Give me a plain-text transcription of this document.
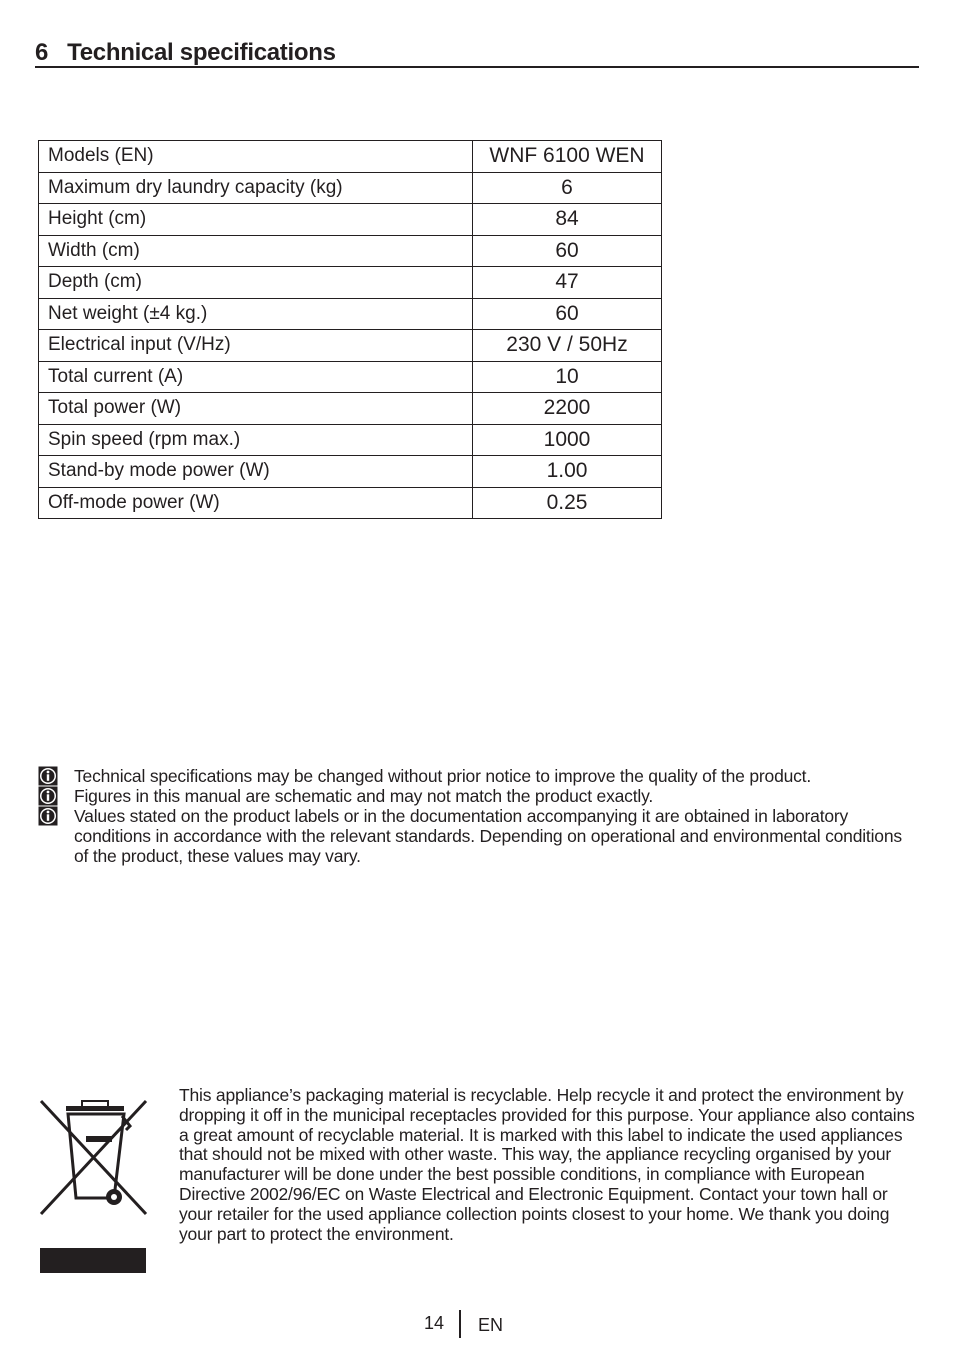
6 Technical specifications
Models (EN)	WNF 6100 WEN
Maximum dry laundry capacity (kg)	6
Height (cm)	84
Width (cm)	60
Depth (cm)	47
Net weight (±4 kg.)	60
Electrical input (V/Hz)	230 V / 50Hz
Total current (A)	10
Total power (W)	2200
Spin speed (rpm max.)	1000
Stand-by mode power (W)	1.00
Off-mode power (W)	0.25
Technical specifications may be changed without prior notice to improve the quality of the product.
Figures in this manual are schematic and may not match the product exactly.
Values stated on the product labels or in the documentation accompanying it are obtained in laboratory conditions in accordance with the relevant standards. Depending on operational and environmental conditions of the product, these values may vary.
This appliance’s packaging material is recyclable. Help recycle it and protect the environment by dropping it off in the municipal receptacles provided for this purpose. Your appliance also contains a great amount of recyclable material. It is marked with this label to indicate the used appliances that should not be mixed with other waste. This way, the appliance recycling organised by your manufacturer will be done under the best possible conditions, in compliance with European Directive 2002/96/EC on Waste Electrical and Electronic Equipment. Contact your town hall or your retailer for the used appliance collection points closest to your home. We thank you doing your part to protect the environment.
14 EN
